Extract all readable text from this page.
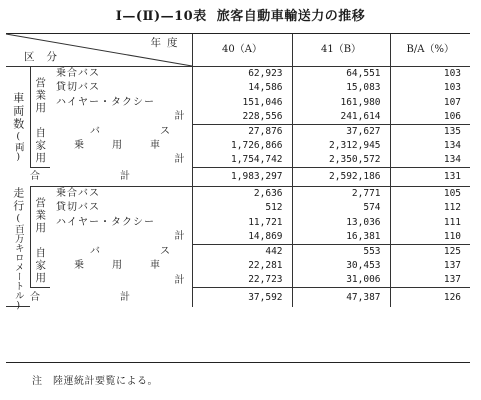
I—(Ⅱ)—10表 旅客自動車輸送力の推移
年度
区分			40（A）	41（B）	B/A（%）
車両数(両)	営業用	乗合バス	62,923	64,551	103
		貸切バス	14,586	15,083	103
		ハイヤー・タクシー	151,046	161,980	107
		計	228,556	241,614	106
	自家用	バス	27,876	37,627	135
		乗用車	1,726,866	2,312,945	134
		計	1,754,742	2,350,572	134
	合計		1,983,297	2,592,186	131
走行(百万キロメートル)	営業用	乗合バス	2,636	2,771	105
		貸切バス	512	574	112
		ハイヤー・タクシー	11,721	13,036	111
		計	14,869	16,381	110
	自家用	バス	442	553	125
		乗用車	22,281	30,453	137
		計	22,723	31,006	137
	合計		37,592	47,387	126
注　陸運統計要覧による。
